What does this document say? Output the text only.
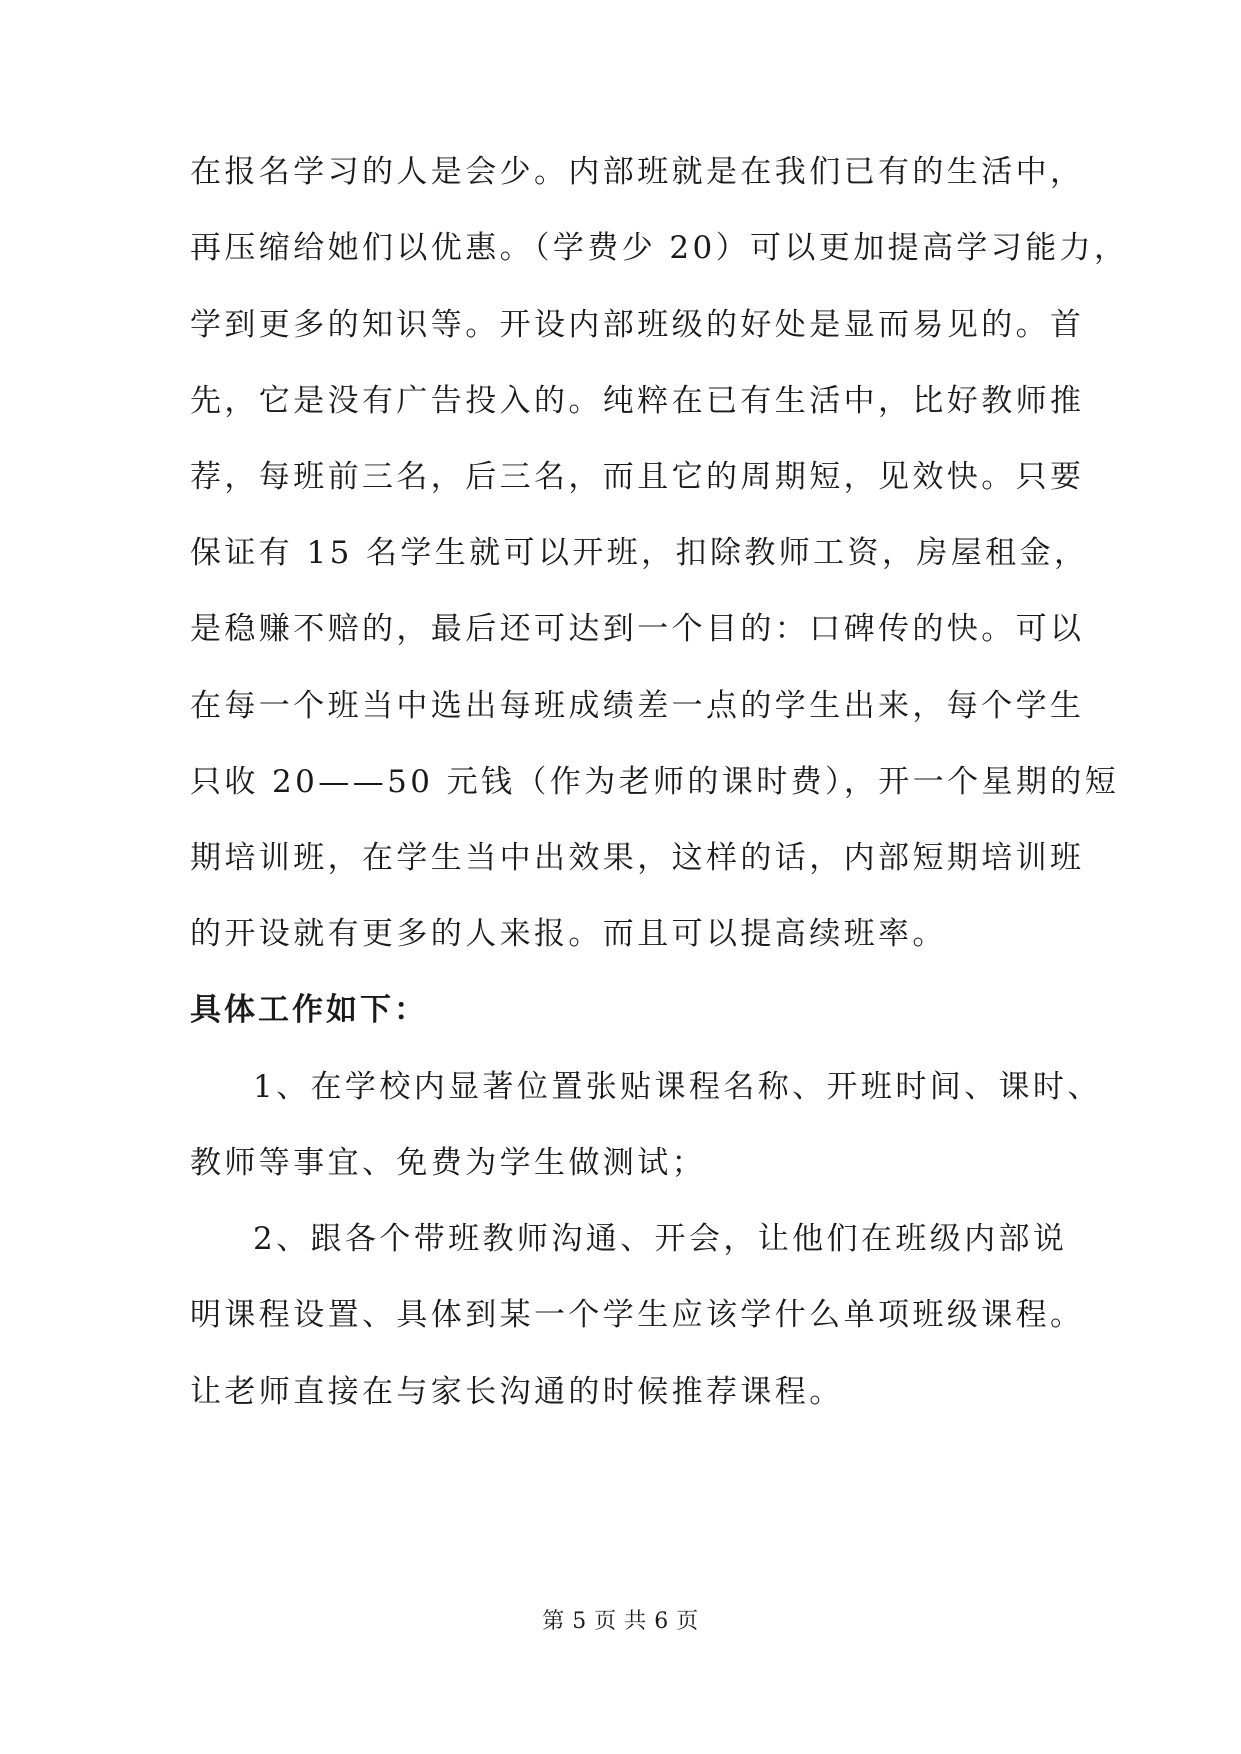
在报名学习的人是会少。内部班就是在我们已有的生活中，
再压缩给她们以优惠。（学费少 20）可以更加提高学习能力，
学到更多的知识等。开设内部班级的好处是显而易见的。首
先，它是没有广告投入的。纯粹在已有生活中，比好教师推
荐，每班前三名，后三名，而且它的周期短，见效快。只要
保证有 15 名学生就可以开班，扣除教师工资，房屋租金，
是稳赚不赔的，最后还可达到一个目的：口碑传的快。可以
在每一个班当中选出每班成绩差一点的学生出来，每个学生
只收 20——50 元钱（作为老师的课时费），开一个星期的短
期培训班，在学生当中出效果，这样的话，内部短期培训班
的开设就有更多的人来报。而且可以提高续班率。
具体工作如下：
1、在学校内显著位置张贴课程名称、开班时间、课时、
教师等事宜、免费为学生做测试；
2、跟各个带班教师沟通、开会，让他们在班级内部说
明课程设置、具体到某一个学生应该学什么单项班级课程。
让老师直接在与家长沟通的时候推荐课程。
第 5 页 共 6 页
